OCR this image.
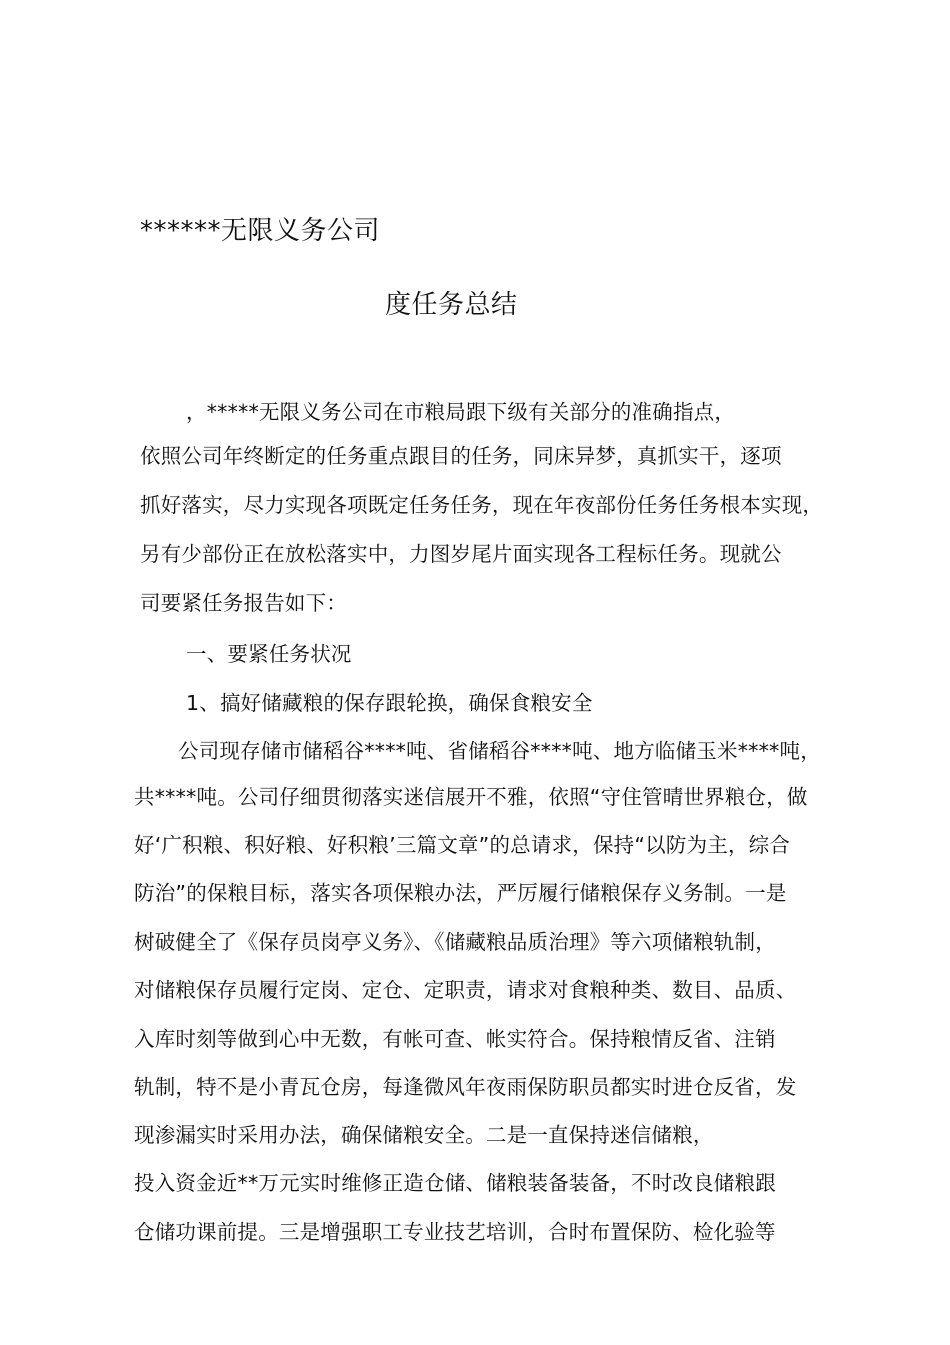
******无限义务公司
度任务总结
，*****无限义务公司在市粮局跟下级有关部分的准确指点，
依照公司年终断定的任务重点跟目的任务，同床异梦，真抓实干，逐项
抓好落实，尽力实现各项既定任务任务，现在年夜部份任务任务根本实现，
另有少部份正在放松落实中，力图岁尾片面实现各工程标任务。现就公
司要紧任务报告如下：
一、要紧任务状况
1、搞好储藏粮的保存跟轮换，确保食粮安全
公司现存储市储稻谷****吨、省储稻谷****吨、地方临储玉米****吨，
共****吨。公司仔细贯彻落实迷信展开不雅，依照“守住管晴世界粮仓，做
好‘广积粮、积好粮、好积粮’三篇文章”的总请求，保持“以防为主，综合
防治”的保粮目标，落实各项保粮办法，严厉履行储粮保存义务制。一是
树破健全了《保存员岗亭义务》、《储藏粮品质治理》等六项储粮轨制，
对储粮保存员履行定岗、定仓、定职责，请求对食粮种类、数目、品质、
入库时刻等做到心中无数，有帐可查、帐实符合。保持粮情反省、注销
轨制，特不是小青瓦仓房，每逢微风年夜雨保防职员都实时进仓反省，发
现渗漏实时采用办法，确保储粮安全。二是一直保持迷信储粮，
投入资金近**万元实时维修正造仓储、储粮装备装备，不时改良储粮跟
仓储功课前提。三是增强职工专业技艺培训，合时布置保防、检化验等
